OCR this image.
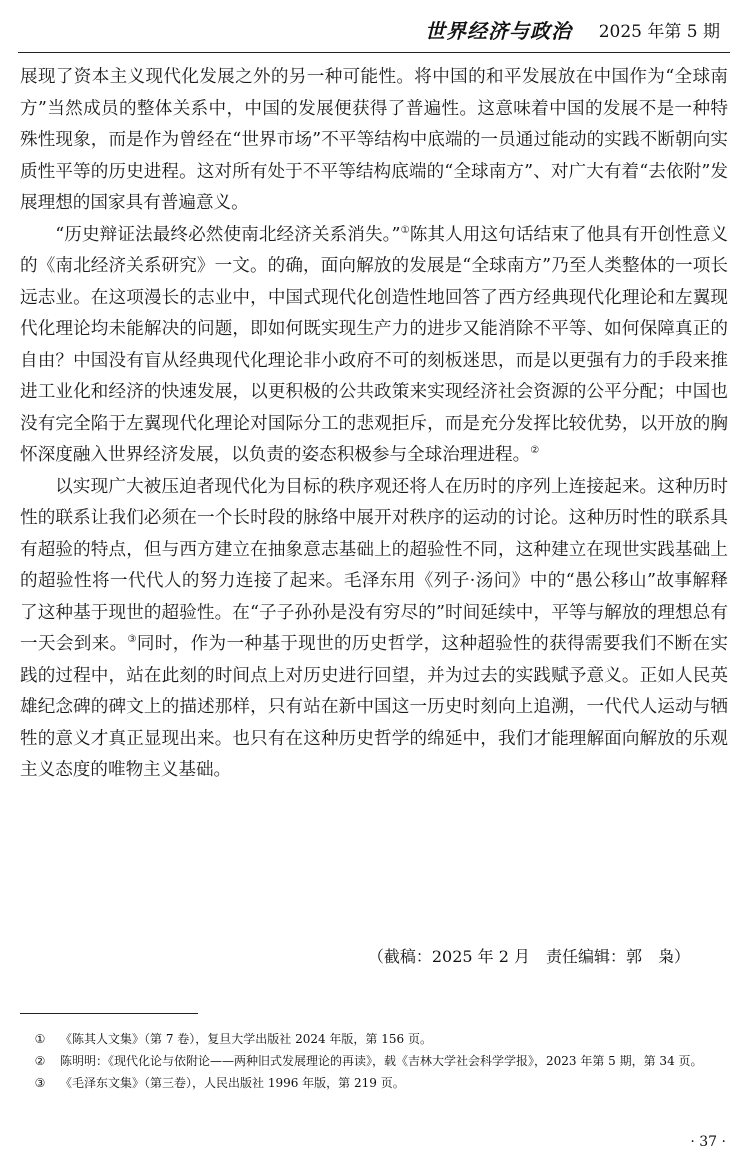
世界经济与政治 2025 年第 5 期

展现了资本主义现代化发展之外的另一种可能性。将中国的和平发展放在中国作为“全球南方”当然成员的整体关系中，中国的发展便获得了普遍性。这意味着中国的发展不是一种特殊性现象，而是作为曾经在“世界市场”不平等结构中底端的一员通过能动的实践不断朝向实质性平等的历史进程。这对所有处于不平等结构底端的“全球南方”、对广大有着“去依附”发展理想的国家具有普遍意义。

“历史辩证法最终必然使南北经济关系消失。”①陈其人用这句话结束了他具有开创性意义的《南北经济关系研究》一文。的确，面向解放的发展是“全球南方”乃至人类整体的一项长远志业。在这项漫长的志业中，中国式现代化创造性地回答了西方经典现代化理论和左翼现代化理论均未能解决的问题，即如何既实现生产力的进步又能消除不平等、如何保障真正的自由？中国没有盲从经典现代化理论非小政府不可的刻板迷思，而是以更强有力的手段来推进工业化和经济的快速发展，以更积极的公共政策来实现经济社会资源的公平分配；中国也没有完全陷于左翼现代化理论对国际分工的悲观拒斥，而是充分发挥比较优势，以开放的胸怀深度融入世界经济发展，以负责的姿态积极参与全球治理进程。②

以实现广大被压迫者现代化为目标的秩序观还将人在历时的序列上连接起来。这种历时性的联系让我们必须在一个长时段的脉络中展开对秩序的运动的讨论。这种历时性的联系具有超验的特点，但与西方建立在抽象意志基础上的超验性不同，这种建立在现世实践基础上的超验性将一代代人的努力连接了起来。毛泽东用《列子·汤问》中的“愚公移山”故事解释了这种基于现世的超验性。在“子子孙孙是没有穷尽的”时间延续中，平等与解放的理想总有一天会到来。③同时，作为一种基于现世的历史哲学，这种超验性的获得需要我们不断在实践的过程中，站在此刻的时间点上对历史进行回望，并为过去的实践赋予意义。正如人民英雄纪念碑的碑文上的描述那样，只有站在新中国这一历史时刻向上追溯，一代代人运动与牺牲的意义才真正显现出来。也只有在这种历史哲学的绵延中，我们才能理解面向解放的乐观主义态度的唯物主义基础。

（截稿：2025 年 2 月　责任编辑：郭　枭）
①	《陈其人文集》（第 7 卷），复旦大学出版社 2024 年版，第 156 页。
②	陈明明：《现代化论与依附论——两种旧式发展理论的再读》，载《吉林大学社会科学学报》，2023 年第 5 期，第 34 页。
③	《毛泽东文集》（第三卷），人民出版社 1996 年版，第 219 页。
· 37 ·
